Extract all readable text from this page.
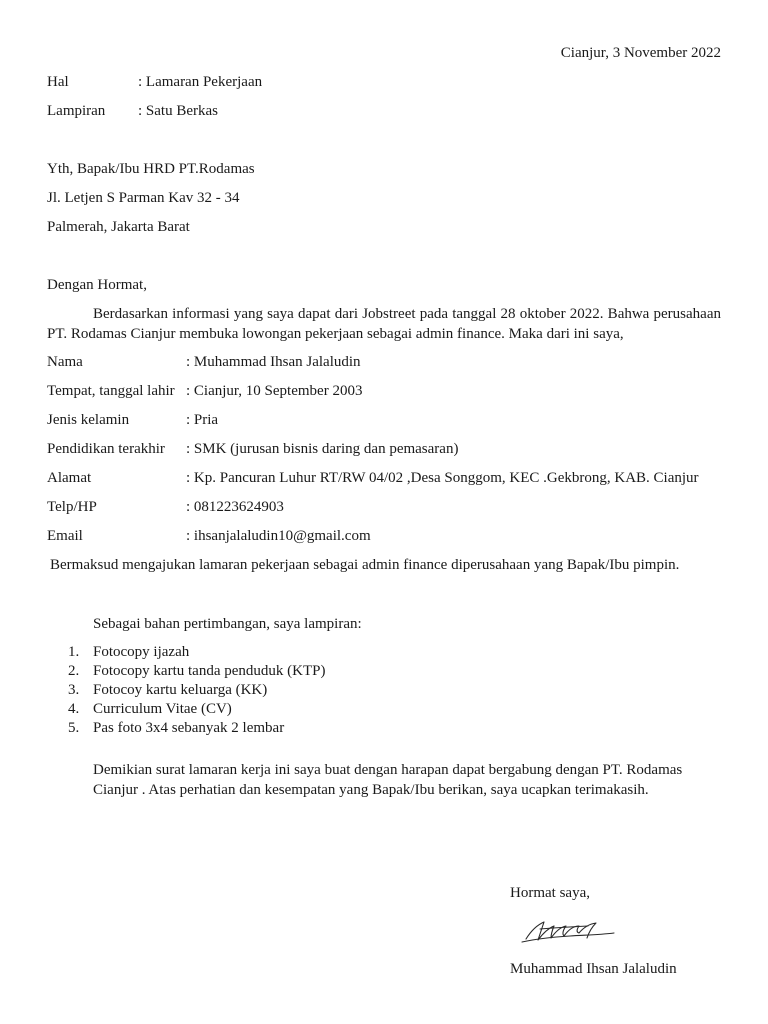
Cianjur, 3 November 2022
Hal	: Lamaran Pekerjaan
Lampiran : Satu Berkas
Yth, Bapak/Ibu HRD PT.Rodamas
Jl. Letjen S Parman Kav 32 - 34
Palmerah, Jakarta Barat
Dengan Hormat,
Berdasarkan informasi yang saya dapat dari Jobstreet pada tanggal 28 oktober 2022. Bahwa perusahaan PT. Rodamas Cianjur membuka lowongan pekerjaan sebagai admin finance. Maka dari ini saya,
Nama	: Muhammad Ihsan Jalaludin
Tempat, tanggal lahir : Cianjur, 10 September 2003
Jenis kelamin	: Pria
Pendidikan terakhir : SMK (jurusan bisnis daring dan pemasaran)
Alamat	: Kp. Pancuran Luhur RT/RW 04/02 ,Desa Songgom, KEC .Gekbrong, KAB. Cianjur
Telp/HP	: 081223624903
Email	: ihsanjalaludin10@gmail.com
Bermaksud mengajukan lamaran pekerjaan sebagai admin finance diperusahaan yang Bapak/Ibu pimpin.
Sebagai bahan pertimbangan, saya lampiran:
1. Fotocopy ijazah
2. Fotocopy kartu tanda penduduk (KTP)
3. Fotocoy kartu keluarga (KK)
4. Curriculum Vitae (CV)
5. Pas foto 3x4 sebanyak 2 lembar
Demikian surat lamaran kerja ini saya buat dengan harapan dapat bergabung dengan PT. Rodamas Cianjur . Atas perhatian dan kesempatan yang Bapak/Ibu berikan, saya ucapkan terimakasih.
Hormat saya,
Muhammad Ihsan Jalaludin
